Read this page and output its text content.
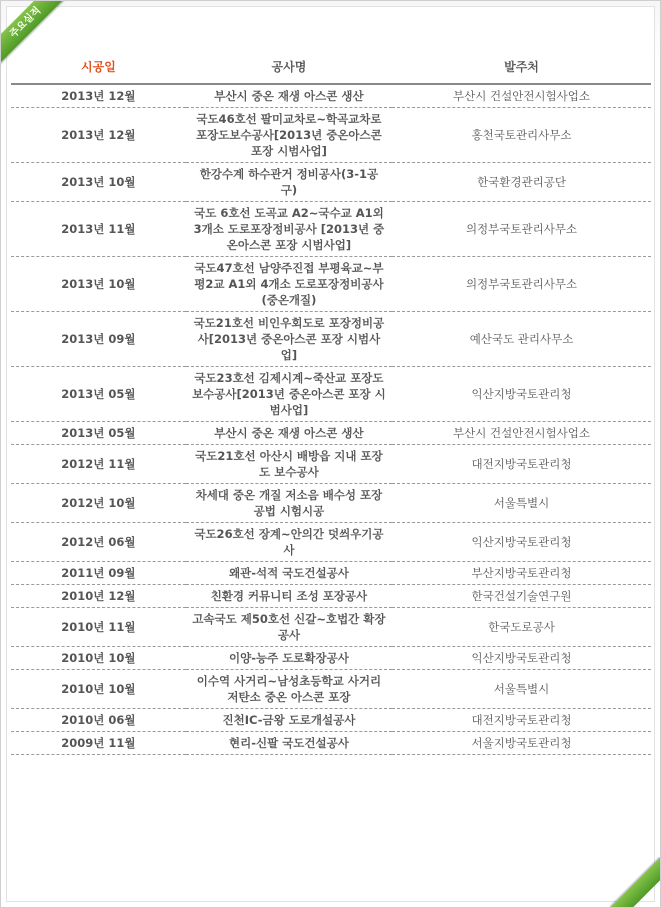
주요실적
시공일	공사명	발주처
2013년 12월	부산시 중온 재생 아스콘 생산	부산시 건설안전시험사업소
2013년 12월	국도46호선 팔미교차로~학곡교차로 포장도보수공사[2013년 중온아스콘 포장 시범사업]	홍천국토관리사무소
2013년 10월	한강수계 하수관거 정비공사(3-1공구)	한국환경관리공단
2013년 11월	국도 6호선 도곡교 A2~국수교 A1외 3개소 도로포장정비공사 [2013년 중온아스콘 포장 시범사업]	의정부국토관리사무소
2013년 10월	국도47호선 남양주진접 부평육교~부평2교 A1외 4개소 도로포장정비공사(중온개질)	의정부국토관리사무소
2013년 09월	국도21호선 비인우회도로 포장정비공사[2013년 중온아스콘 포장 시범사업]	예산국도 관리사무소
2013년 05월	국도23호선 김제시계~죽산교 포장도 보수공사[2013년 중온아스콘 포장 시범사업]	익산지방국토관리청
2013년 05월	부산시 중온 재생 아스콘 생산	부산시 건설안전시험사업소
2012년 11월	국도21호선 아산시 배방읍 지내 포장도 보수공사	대전지방국토관리청
2012년 10월	차세대 중온 개질 저소음 배수성 포장 공법 시험시공	서울특별시
2012년 06월	국도26호선 장계~안의간 덧씌우기공사	익산지방국토관리청
2011년 09월	왜관-석적 국도건설공사	부산지방국토관리청
2010년 12월	친환경 커뮤니티 조성 포장공사	한국건설기술연구원
2010년 11월	고속국도 제50호선 신갈~호법간 확장공사	한국도로공사
2010년 10월	이양-능주 도로확장공사	익산지방국토관리청
2010년 10월	이수역 사거리~남성초등학교 사거리 저탄소 중온 아스콘 포장	서울특별시
2010년 06월	진천IC-금왕 도로개설공사	대전지방국토관리청
2009년 11월	현리-신팔 국도건설공사	서울지방국토관리청
